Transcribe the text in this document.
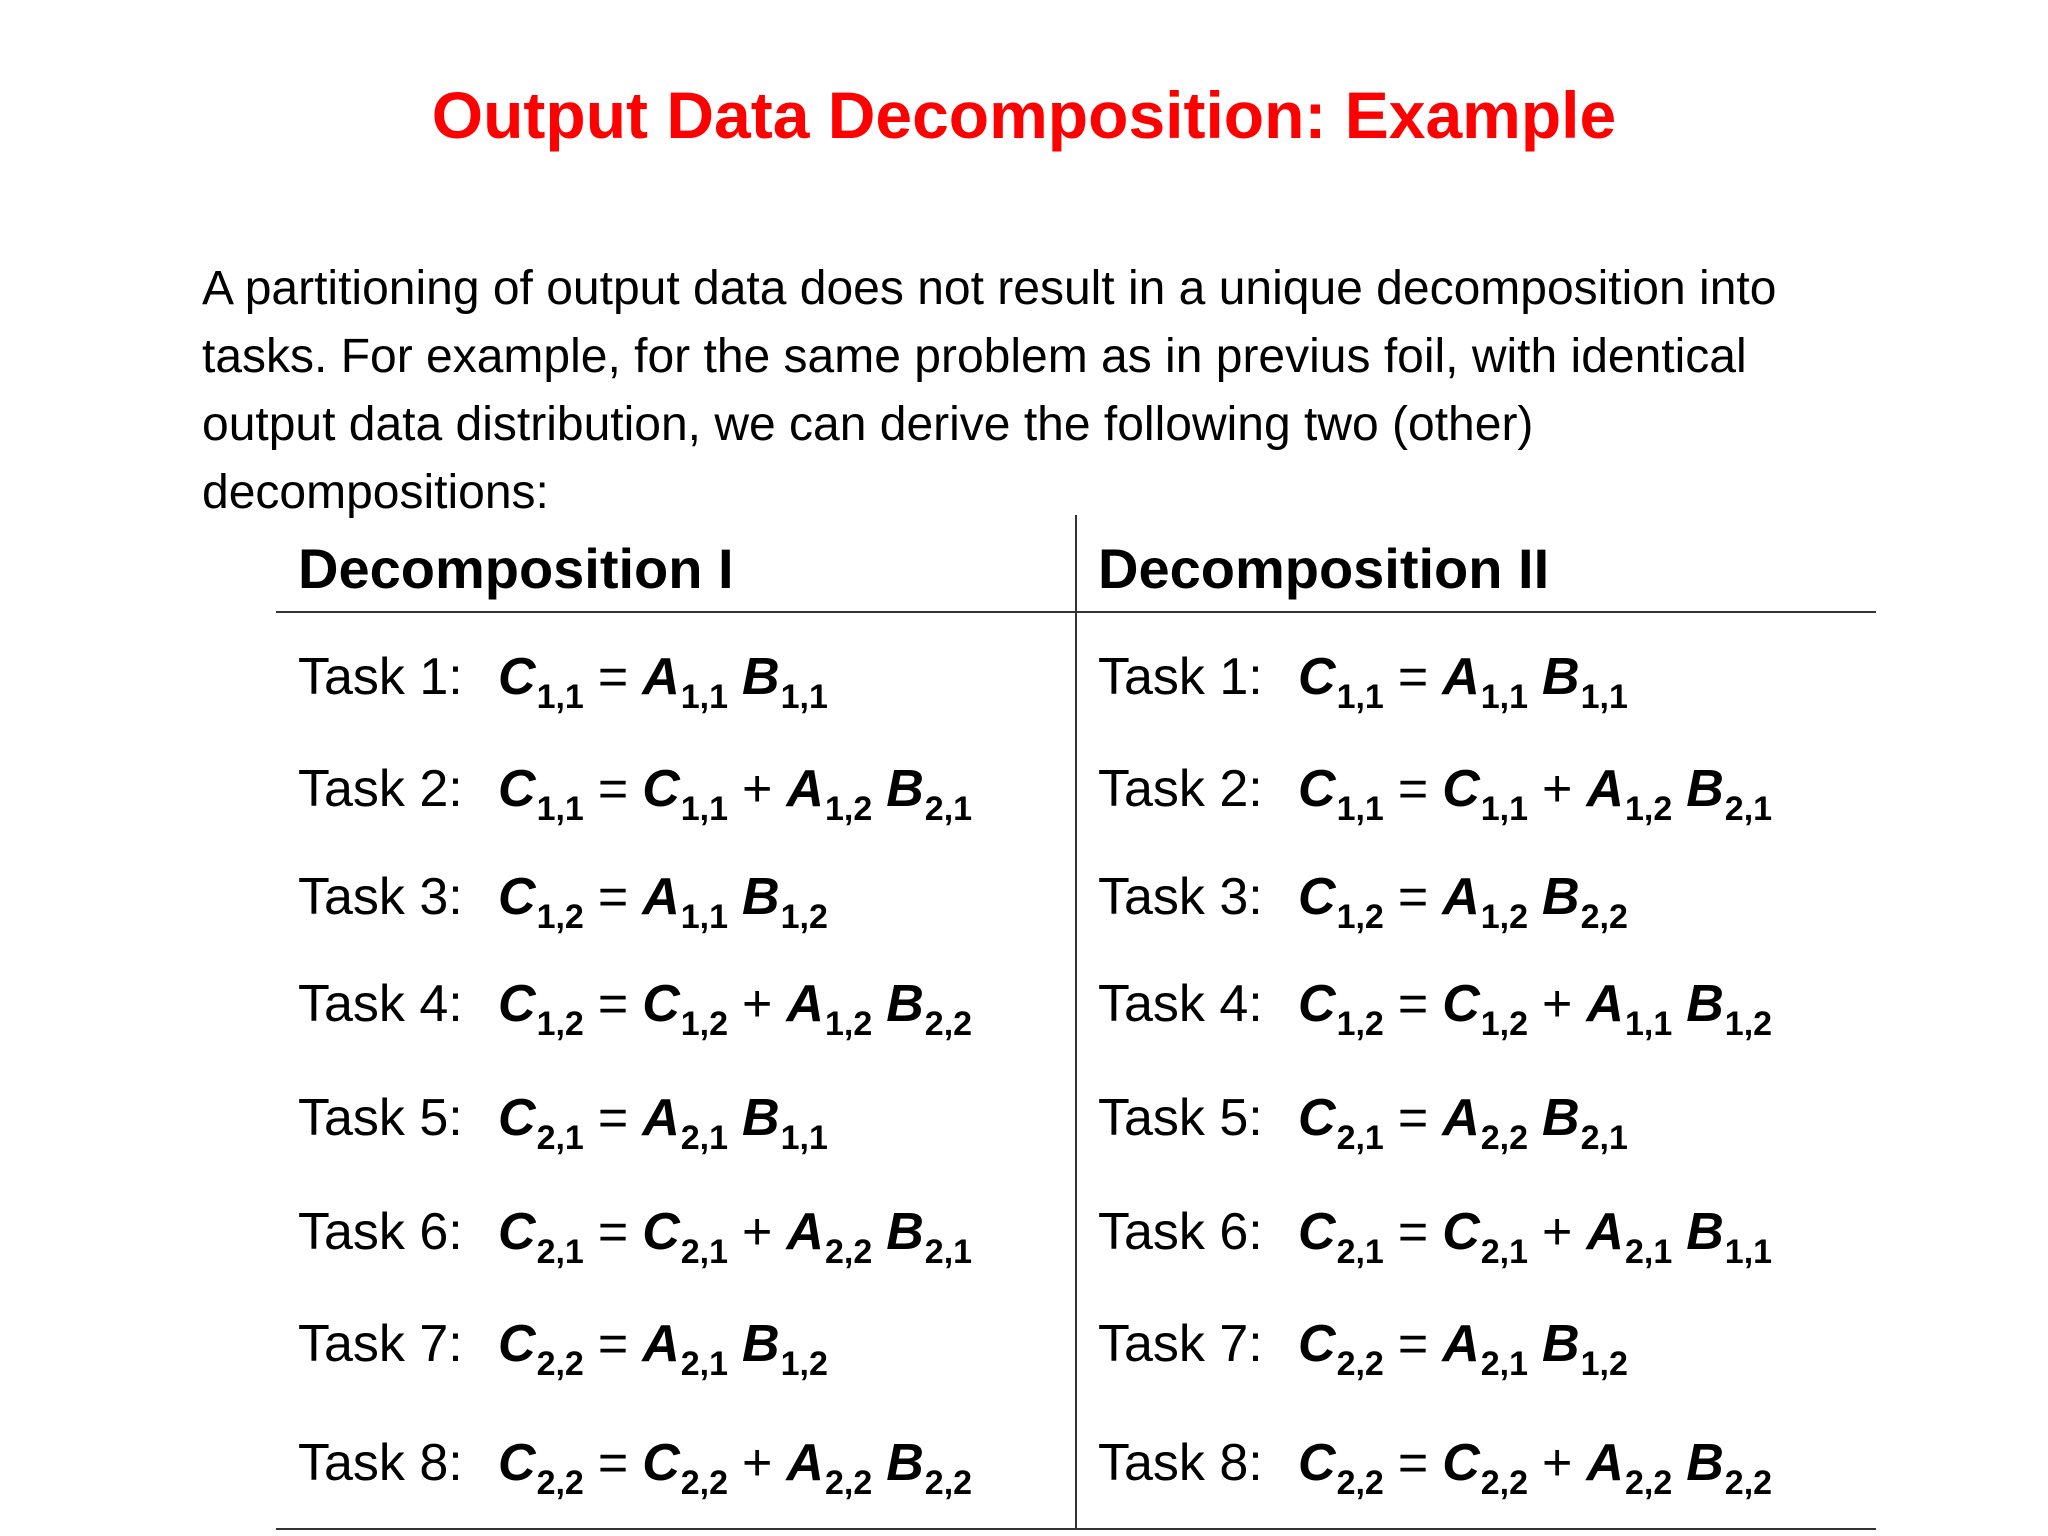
Output Data Decomposition: Example
A partitioning of output data does not result in a unique decomposition into
tasks. For example, for the same problem as in previus foil, with identical
output data distribution, we can derive the following two (other)
decompositions:
Decomposition I	Decomposition II
Task 1: $C_{1,1} = A_{1,1}$ $B_{1,1}$
Task 2: $C_{1,1} = C_{1,1} + A_{1,2}$ $B_{2,1}$
Task 3: $C_{1,2} = A_{1,1}$ $B_{1,2}$
Task 4: $C_{1,2} = C_{1,2} + A_{1,2}$ $B_{2,2}$
Task 5: $C_{2,1} = A_{2,1}$ $B_{1,1}$
Task 6: $C_{2,1} = C_{2,1} + A_{2,2}$ $B_{2,1}$
Task 7: $C_{2,2} = A_{2,1}$ $B_{1,2}$
Task 8: $C_{2,2} = C_{2,2} + A_{2,2}$ $B_{2,2}$
Task 1: $C_{1,1} = A_{1,1}$ $B_{1,1}$
Task 2: $C_{1,1} = C_{1,1} + A_{1,2}$ $B_{2,1}$
Task 3: $C_{1,2} = A_{1,2}$ $B_{2,2}$
Task 4: $C_{1,2} = C_{1,2} + A_{1,1}$ $B_{1,2}$
Task 5: $C_{2,1} = A_{2,2}$ $B_{2,1}$
Task 6: $C_{2,1} = C_{2,1} + A_{2,1}$ $B_{1,1}$
Task 7: $C_{2,2} = A_{2,1}$ $B_{1,2}$
Task 8: $C_{2,2} = C_{2,2} + A_{2,2}$ $B_{2,2}$
